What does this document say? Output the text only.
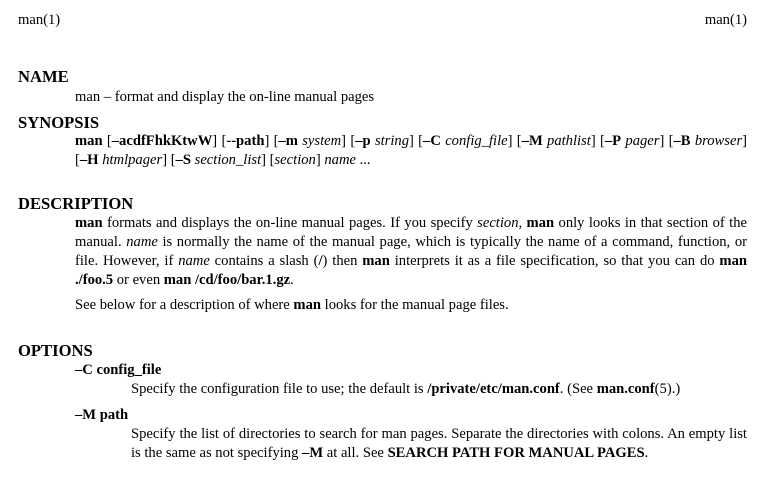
man(1)	man(1)
NAME
man – format and display the on-line manual pages
SYNOPSIS
man [–acdfFhkKtwW] [--path] [–m system] [–p string] [–C config_file] [–M pathlist] [–P pager] [–B browser] [–H htmlpager] [–S section_list] [section] name ...
DESCRIPTION
man formats and displays the on-line manual pages. If you specify section, man only looks in that section of the manual. name is normally the name of the manual page, which is typically the name of a command, function, or file. However, if name contains a slash (/) then man interprets it as a file specification, so that you can do man ./foo.5 or even man /cd/foo/bar.1.gz.
See below for a description of where man looks for the manual page files.
OPTIONS
–C config_file
Specify the configuration file to use; the default is /private/etc/man.conf. (See man.conf(5).)
–M path
Specify the list of directories to search for man pages. Separate the directories with colons. An empty list is the same as not specifying –M at all. See SEARCH PATH FOR MANUAL PAGES.
